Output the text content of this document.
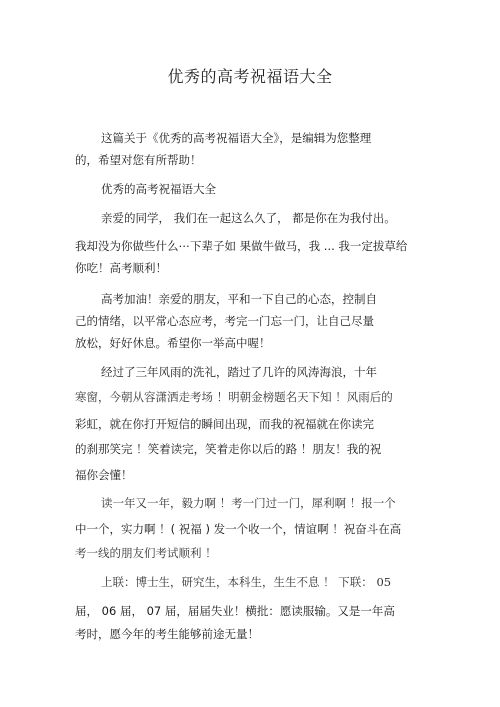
优秀的高考祝福语大全
这篇关于《优秀的高考祝福语大全》，是编辑为您整理
的，希望对您有所帮助！
优秀的高考祝福语大全
亲爱的同学， 我们在一起这么久了， 都是你在为我付出。
我却没为你做些什么⋯下辈子如 果做牛做马，我 ... 我一定拔草给
你吃！高考顺利！
高考加油！亲爱的朋友，平和一下自己的心态，控制自
己的情绪，以平常心态应考，考完一门忘一门，让自己尽量
放松，好好休息。希望你一举高中喔！
经过了三年风雨的洗礼，踏过了几许的风涛海浪，十年
寒窗，今朝从容潇洒走考场 ！明朝金榜题名天下知 ！风雨后的
彩虹，就在你打开短信的瞬间出现，而我的祝福就在你读完
的刹那笑完 ！笑着读完，笑着走你以后的路 ！朋友！我的祝
福你会懂！
读一年又一年，毅力啊 ！考一门过一门，犀利啊 ！报一个
中一个，实力啊 ！( 祝福 ) 发一个收一个，情谊啊 ！祝奋斗在高
考一线的朋友们考试顺利 ！
上联：博士生，研究生，本科生，生生不息 ！ 下联： 05
届， 06 届， 07 届，届届失业！横批：愿读服输。又是一年高
考时，愿今年的考生能够前途无量！
